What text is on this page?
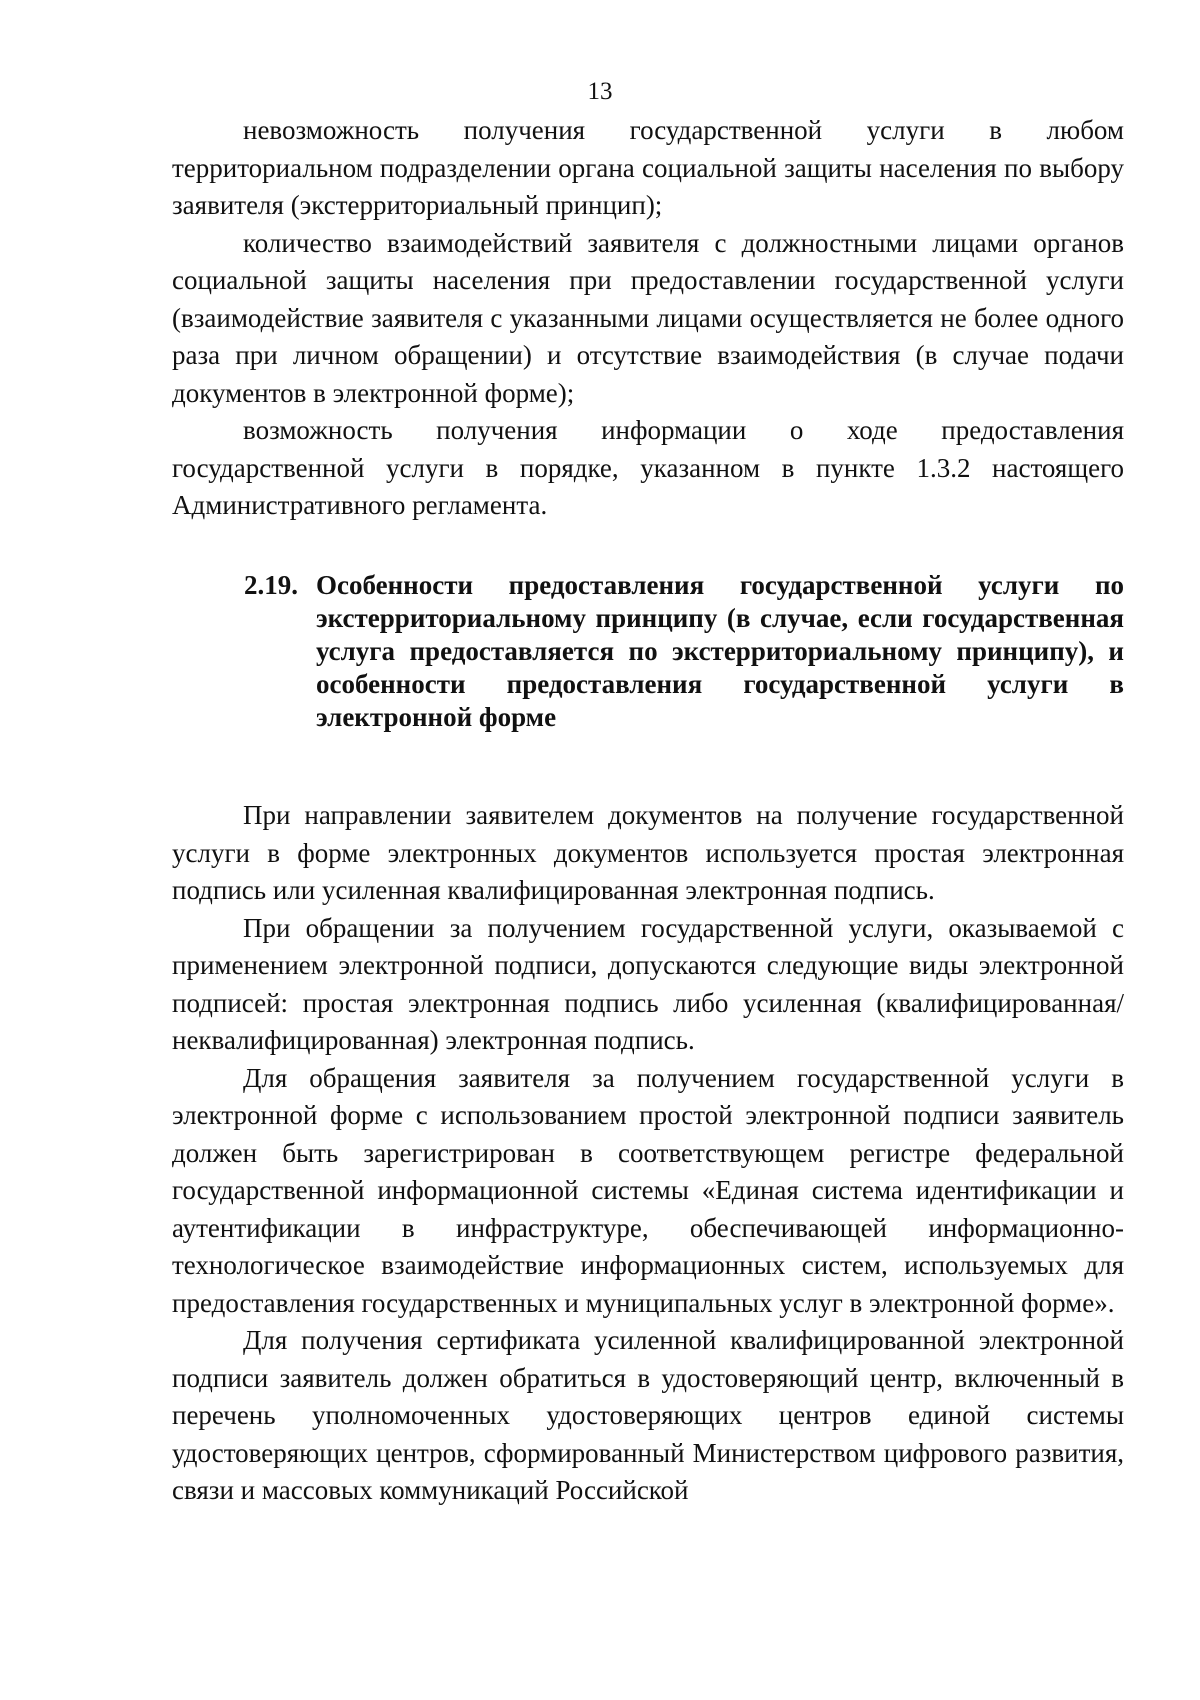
13

невозможность получения государственной услуги в любом территориальном подразделении органа социальной защиты населения по выбору заявителя (экстерриториальный принцип);

количество взаимодействий заявителя с должностными лицами органов социальной защиты населения при предоставлении государственной услуги (взаимодействие заявителя с указанными лицами осуществляется не более одного раза при личном обращении) и отсутствие взаимодействия (в случае подачи документов в электронной форме);

возможность получения информации о ходе предоставления государственной услуги в порядке, указанном в пункте 1.3.2 настоящего Административного регламента.

2.19. Особенности предоставления государственной услуги по экстерриториальному принципу (в случае, если государственная услуга предоставляется по экстерриториальному принципу), и особенности предоставления государственной услуги в электронной форме

При направлении заявителем документов на получение государственной услуги в форме электронных документов используется простая электронная подпись или усиленная квалифицированная электронная подпись.

При обращении за получением государственной услуги, оказываемой с применением электронной подписи, допускаются следующие виды электронной подписей: простая электронная подпись либо усиленная (квалифицированная/неквалифицированная) электронная подпись.

Для обращения заявителя за получением государственной услуги в электронной форме с использованием простой электронной подписи заявитель должен быть зарегистрирован в соответствующем регистре федеральной государственной информационной системы «Единая система идентификации и аутентификации в инфраструктуре, обеспечивающей информационно-технологическое взаимодействие информационных систем, используемых для предоставления государственных и муниципальных услуг в электронной форме».

Для получения сертификата усиленной квалифицированной электронной подписи заявитель должен обратиться в удостоверяющий центр, включенный в перечень уполномоченных удостоверяющих центров единой системы удостоверяющих центров, сформированный Министерством цифрового развития, связи и массовых коммуникаций Российской
